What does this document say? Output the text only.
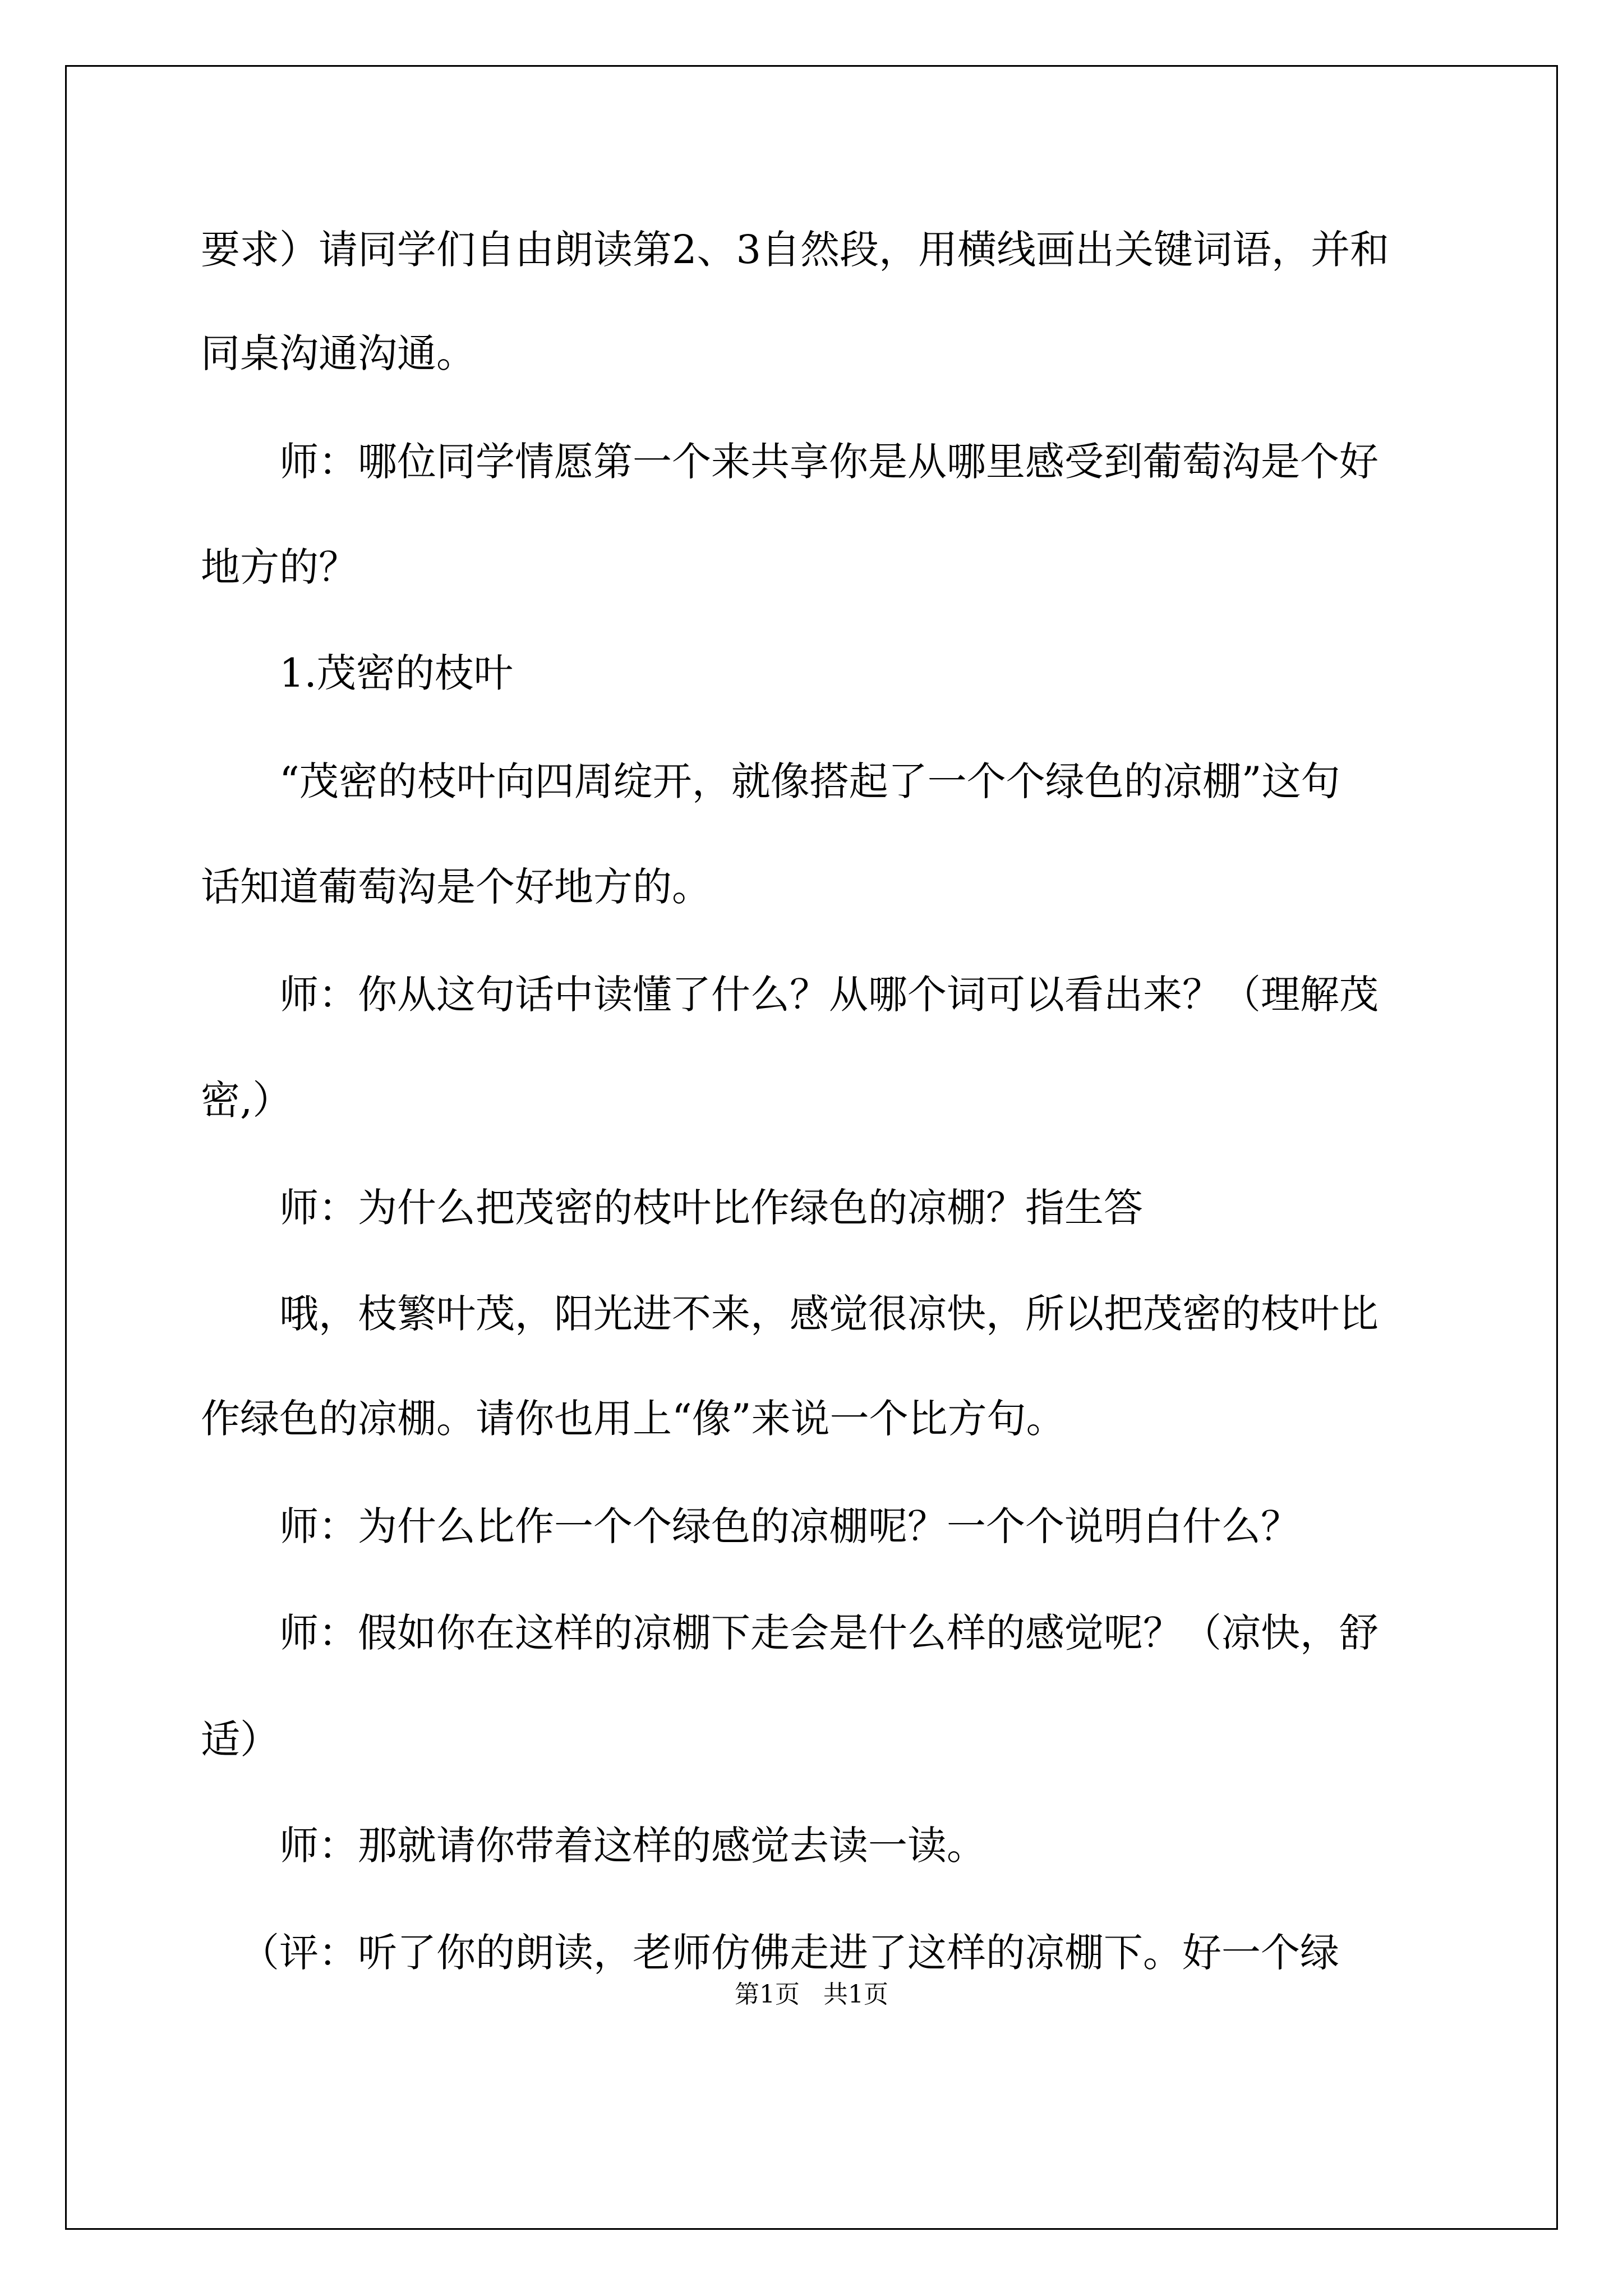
要求）请同学们自由朗读第2、3自然段，用横线画出关键词语，并和
同桌沟通沟通。
师：哪位同学情愿第一个来共享你是从哪里感受到葡萄沟是个好
地方的？
1.茂密的枝叶
“茂密的枝叶向四周绽开，就像搭起了一个个绿色的凉棚”这句
话知道葡萄沟是个好地方的。
师：你从这句话中读懂了什么？从哪个词可以看出来？（理解茂
密,）
师：为什么把茂密的枝叶比作绿色的凉棚？指生答
哦，枝繁叶茂，阳光进不来，感觉很凉快，所以把茂密的枝叶比
作绿色的凉棚。请你也用上“像”来说一个比方句。
师：为什么比作一个个绿色的凉棚呢？一个个说明白什么？
师：假如你在这样的凉棚下走会是什么样的感觉呢？（凉快，舒
适）
师：那就请你带着这样的感觉去读一读。
（评：听了你的朗读，老师仿佛走进了这样的凉棚下。好一个绿
第1页   共1页
